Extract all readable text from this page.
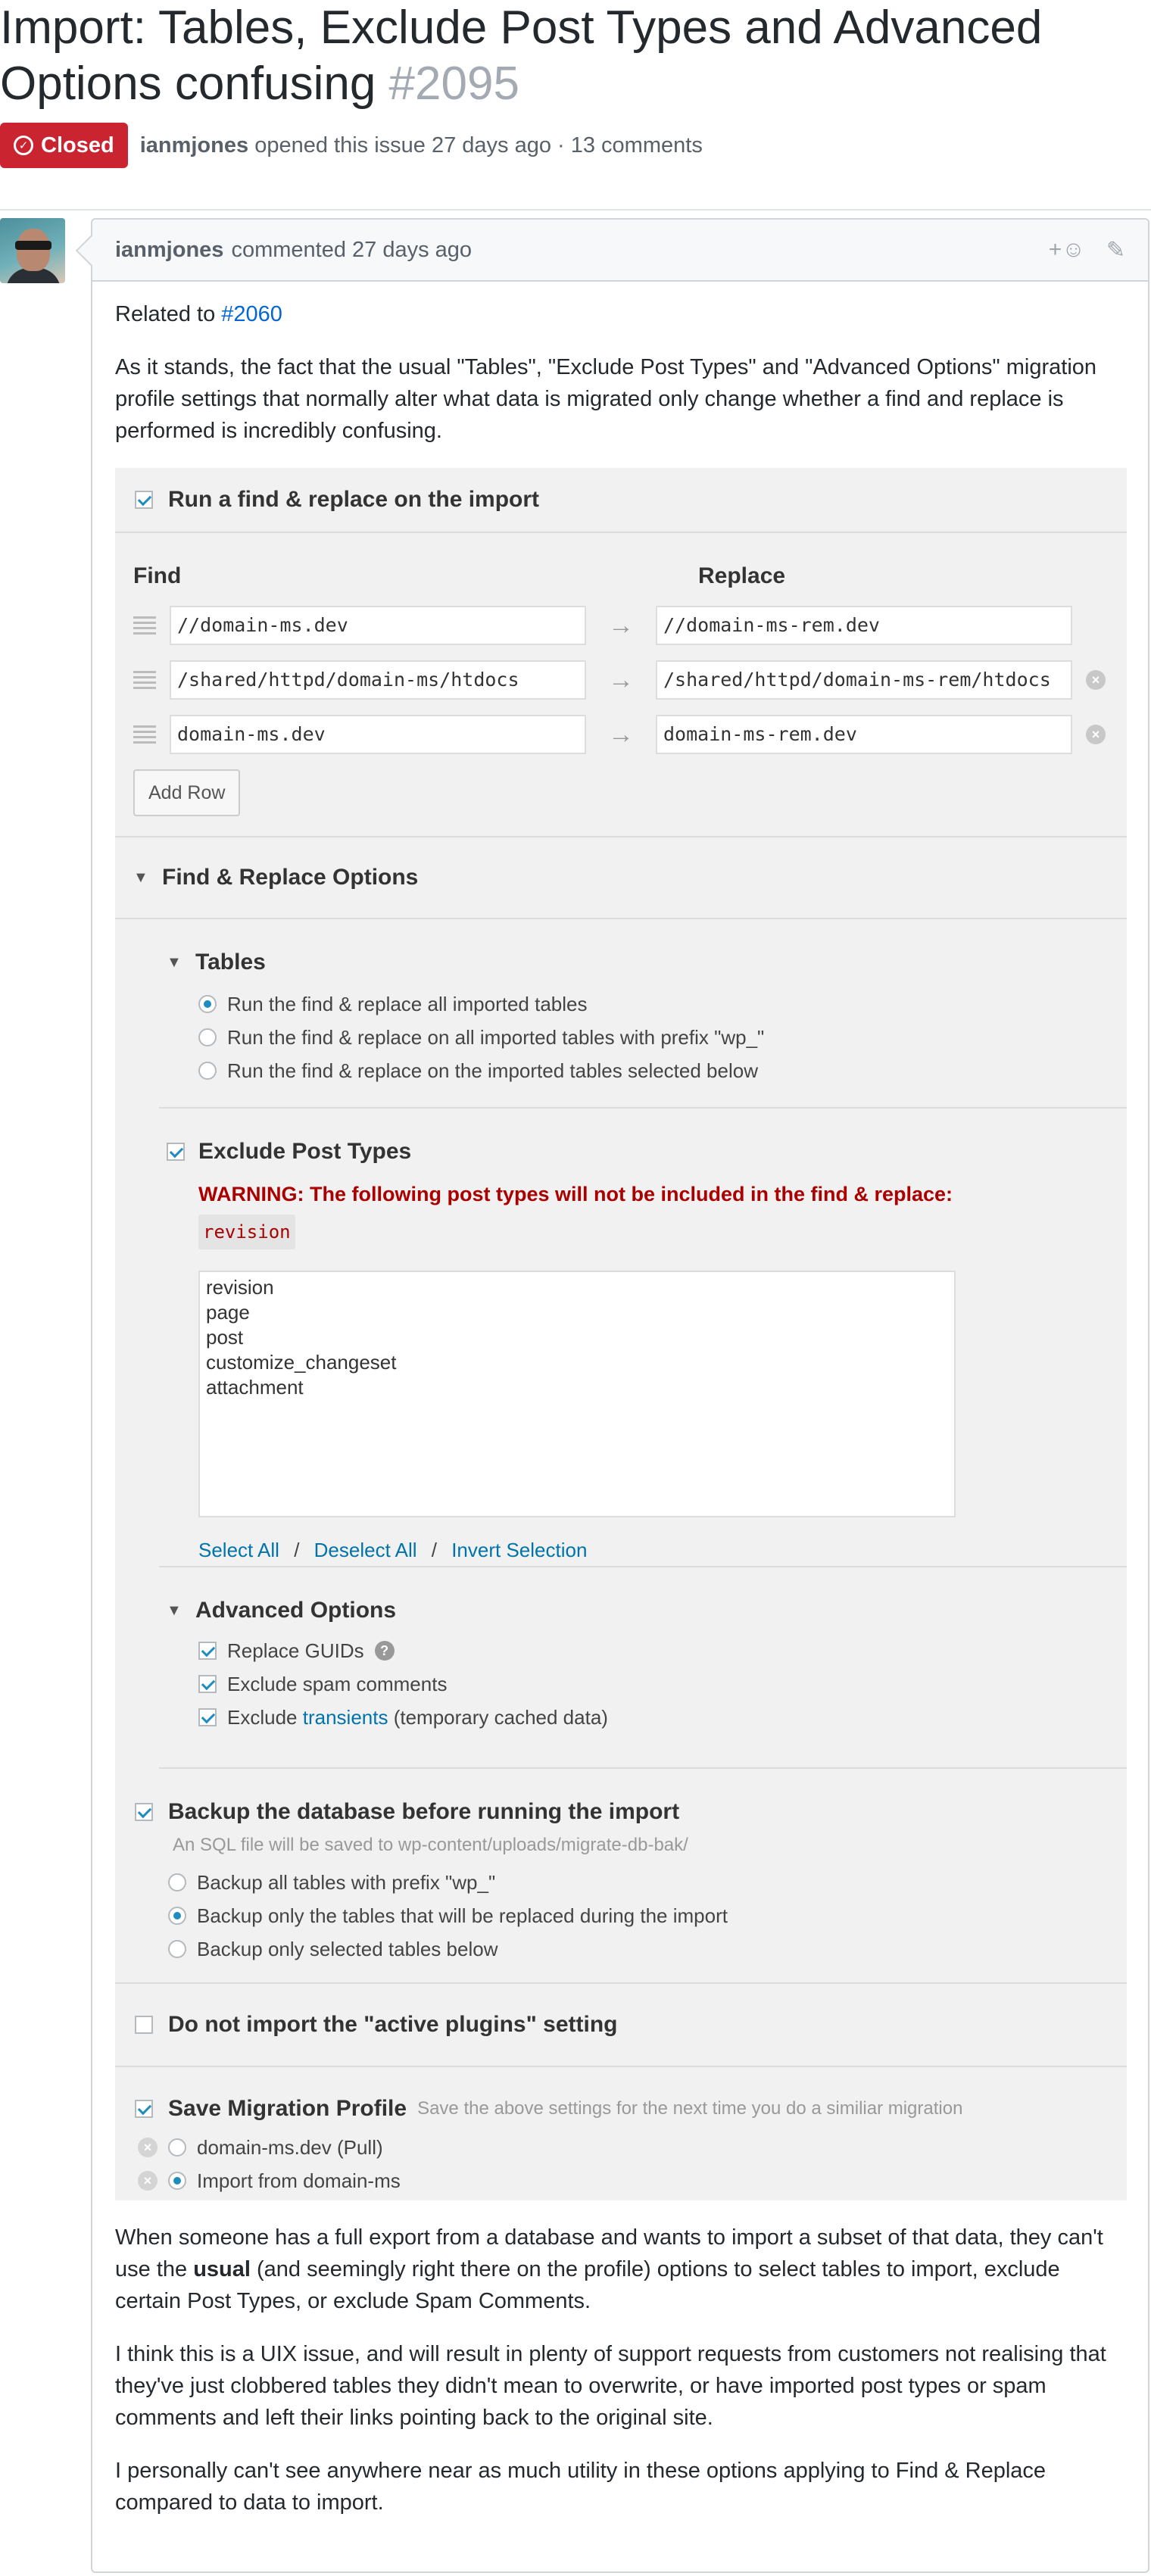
Import: Tables, Exclude Post Types and Advanced Options confusing #2095
✓ Closed ianmjones opened this issue 27 days ago · 13 comments
ianmjones commented 27 days ago	+☺ ✎

Related to #2060

As it stands, the fact that the usual "Tables", "Exclude Post Types" and "Advanced Options" migration profile settings that normally alter what data is migrated only change whether a find and replace is performed is incredibly confusing.

Run a find & replace on the import
Find	Replace
//domain-ms.dev	→	//domain-ms-rem.dev
/shared/httpd/domain-ms/htdocs	→	/shared/httpd/domain-ms-rem/htdocs	×
domain-ms.dev	→	domain-ms-rem.dev	×
Add Row
▼ Find & Replace Options
▼ Tables
Run the find & replace all imported tables
Run the find & replace on all imported tables with prefix "wp_"
Run the find & replace on the imported tables selected below
Exclude Post Types
WARNING: The following post types will not be included in the find & replace:
revision
revision
page
post
customize_changeset
attachment
Select All / Deselect All / Invert Selection
▼ Advanced Options
Replace GUIDs	?
Exclude spam comments
Exclude transients (temporary cached data)
Backup the database before running the import
An SQL file will be saved to wp-content/uploads/migrate-db-bak/
Backup all tables with prefix "wp_"
Backup only the tables that will be replaced during the import
Backup only selected tables below
Do not import the "active plugins" setting
Save Migration Profile Save the above settings for the next time you do a similiar migration
× domain-ms.dev (Pull)
× Import from domain-ms

When someone has a full export from a database and wants to import a subset of that data, they can't use the usual (and seemingly right there on the profile) options to select tables to import, exclude certain Post Types, or exclude Spam Comments.

I think this is a UIX issue, and will result in plenty of support requests from customers not realising that they've just clobbered tables they didn't mean to overwrite, or have imported post types or spam comments and left their links pointing back to the original site.

I personally can't see anywhere near as much utility in these options applying to Find & Replace compared to data to import.
